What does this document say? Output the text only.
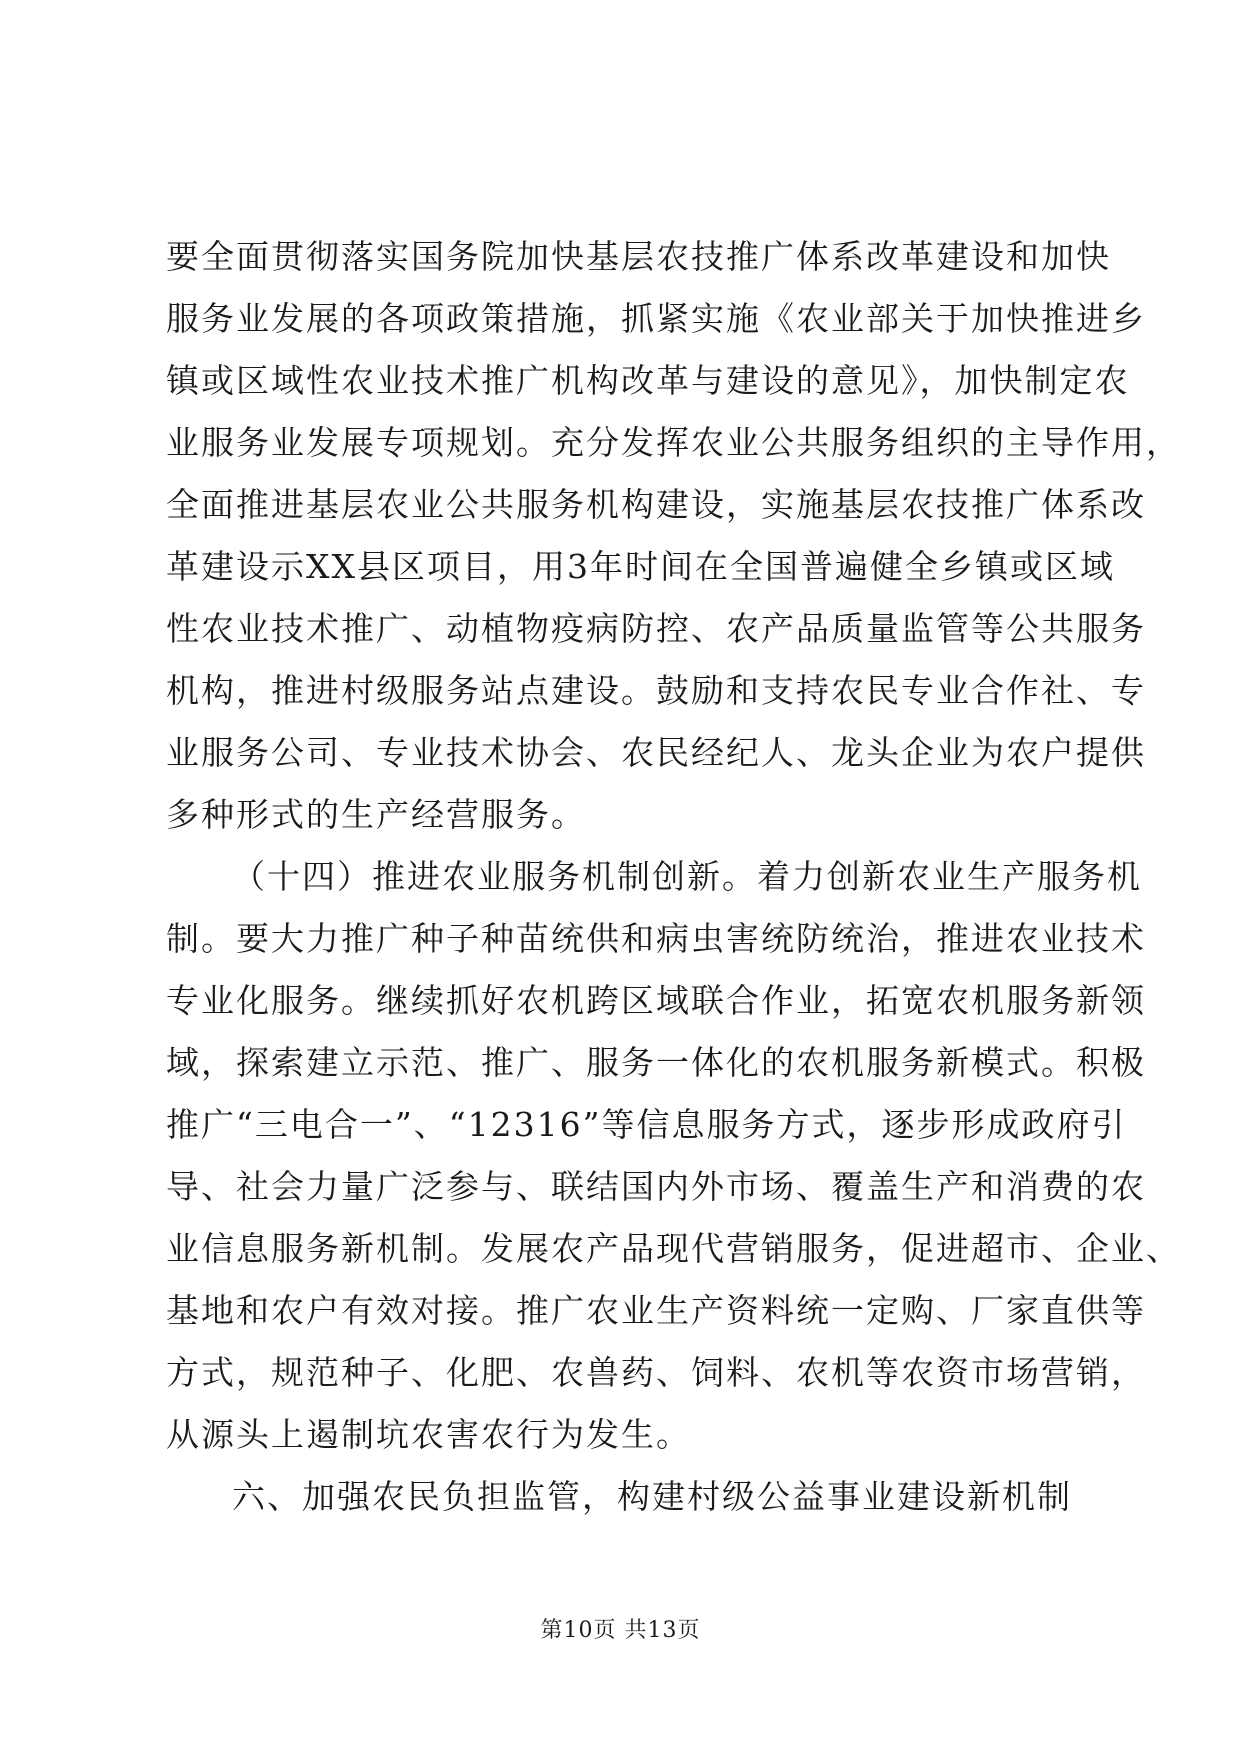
要全面贯彻落实国务院加快基层农技推广体系改革建设和加快
服务业发展的各项政策措施，抓紧实施《农业部关于加快推进乡
镇或区域性农业技术推广机构改革与建设的意见》，加快制定农
业服务业发展专项规划。充分发挥农业公共服务组织的主导作用，
全面推进基层农业公共服务机构建设，实施基层农技推广体系改
革建设示XX县区项目，用3年时间在全国普遍健全乡镇或区域
性农业技术推广、动植物疫病防控、农产品质量监管等公共服务
机构，推进村级服务站点建设。鼓励和支持农民专业合作社、专
业服务公司、专业技术协会、农民经纪人、龙头企业为农户提供
多种形式的生产经营服务。
（十四）推进农业服务机制创新。着力创新农业生产服务机
制。要大力推广种子种苗统供和病虫害统防统治，推进农业技术
专业化服务。继续抓好农机跨区域联合作业，拓宽农机服务新领
域，探索建立示范、推广、服务一体化的农机服务新模式。积极
推广“三电合一”、“12316”等信息服务方式，逐步形成政府引
导、社会力量广泛参与、联结国内外市场、覆盖生产和消费的农
业信息服务新机制。发展农产品现代营销服务，促进超市、企业、
基地和农户有效对接。推广农业生产资料统一定购、厂家直供等
方式，规范种子、化肥、农兽药、饲料、农机等农资市场营销，
从源头上遏制坑农害农行为发生。
六、加强农民负担监管，构建村级公益事业建设新机制
第10页 共13页
